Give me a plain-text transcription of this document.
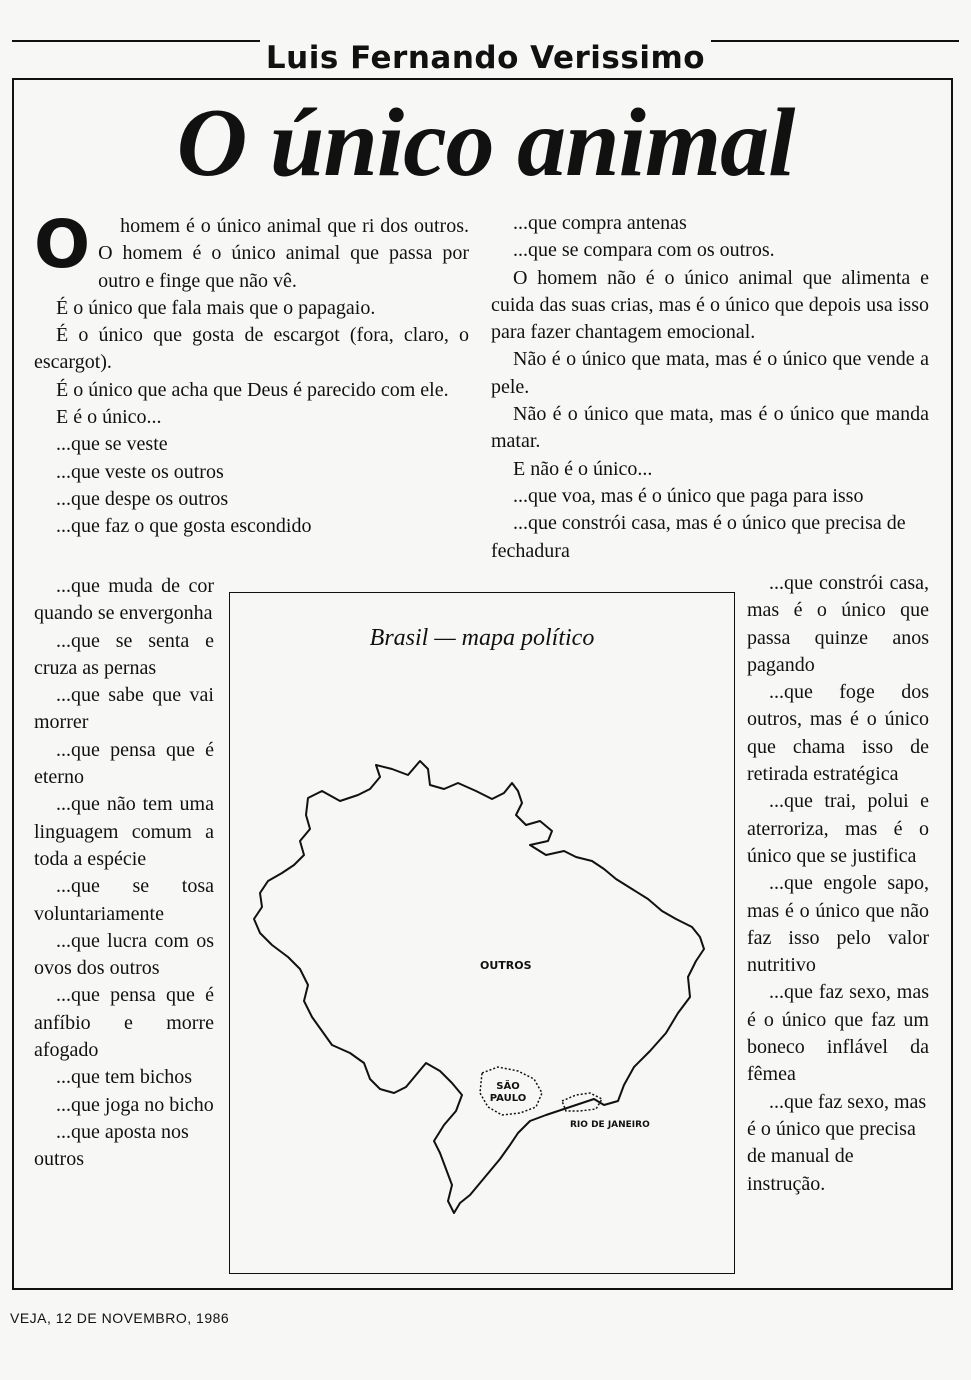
Luis Fernando Verissimo
O único animal

O homem é o único animal que ri dos outros. O homem é o único animal que passa por outro e finge que não vê.

É o único que fala mais que o papagaio.

É o único que gosta de escargot (fora, claro, o escargot).

É o único que acha que Deus é parecido com ele.

E é o único...

...que se veste

...que veste os outros

...que despe os outros

...que faz o que gosta escondido

...que muda de cor quando se envergonha

...que se senta e cruza as pernas

...que sabe que vai morrer

...que pensa que é eterno

...que não tem uma linguagem comum a toda a espécie

...que se tosa voluntariamente

...que lucra com os ovos dos outros

...que pensa que é anfíbio e morre afogado

...que tem bichos

...que joga no bicho

...que aposta nos outros

...que compra antenas

...que se compara com os outros.

O homem não é o único animal que alimenta e cuida das suas crias, mas é o único que depois usa isso para fazer chantagem emocional.

Não é o único que mata, mas é o único que vende a pele.

Não é o único que mata, mas é o único que manda matar.

E não é o único...

...que voa, mas é o único que paga para isso

...que constrói casa, mas é o único que precisa de fechadura

...que constrói casa, mas é o único que passa quinze anos pagando

...que foge dos outros, mas é o único que chama isso de retirada estratégica

...que trai, polui e aterroriza, mas é o único que se justifica

...que engole sapo, mas é o único que não faz isso pelo valor nutritivo

...que faz sexo, mas é o único que faz um boneco inflável da fêmea

...que faz sexo, mas é o único que precisa de manual de instrução.

Brasil — mapa político
OUTROS
SÃO
PAULO
RIO DE JANEIRO
VEJA, 12 DE NOVEMBRO, 1986
